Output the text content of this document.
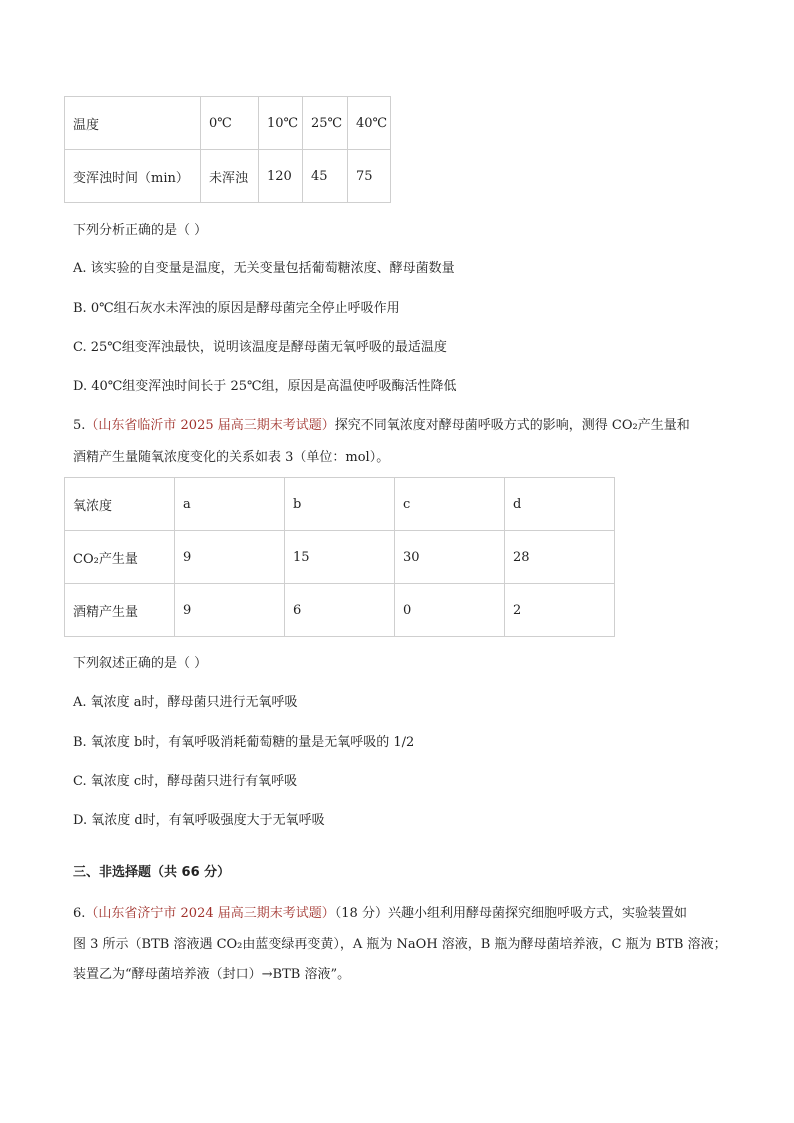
温度	0℃	10℃	25℃	40℃
变浑浊时间（min）	未浑浊	120	45	75
下列分析正确的是（ ）
A. 该实验的自变量是温度，无关变量包括葡萄糖浓度、酵母菌数量
B. 0℃组石灰水未浑浊的原因是酵母菌完全停止呼吸作用
C. 25℃组变浑浊最快，说明该温度是酵母菌无氧呼吸的最适温度
D. 40℃组变浑浊时间长于 25℃组，原因是高温使呼吸酶活性降低
5.（山东省临沂市 2025 届高三期末考试题）探究不同氧浓度对酵母菌呼吸方式的影响，测得 CO₂产生量和
酒精产生量随氧浓度变化的关系如表 3（单位：mol）。
氧浓度	a	b	c	d
CO₂产生量	9	15	30	28
酒精产生量	9	6	0	2
下列叙述正确的是（ ）
A. 氧浓度 a时，酵母菌只进行无氧呼吸
B. 氧浓度 b时，有氧呼吸消耗葡萄糖的量是无氧呼吸的 1/2
C. 氧浓度 c时，酵母菌只进行有氧呼吸
D. 氧浓度 d时，有氧呼吸强度大于无氧呼吸
三、非选择题（共 66 分）
6.（山东省济宁市 2024 届高三期末考试题）（18 分）兴趣小组利用酵母菌探究细胞呼吸方式，实验装置如
图 3 所示（BTB 溶液遇 CO₂由蓝变绿再变黄），A 瓶为 NaOH 溶液，B 瓶为酵母菌培养液，C 瓶为 BTB 溶液；
装置乙为“酵母菌培养液（封口）→BTB 溶液”。
